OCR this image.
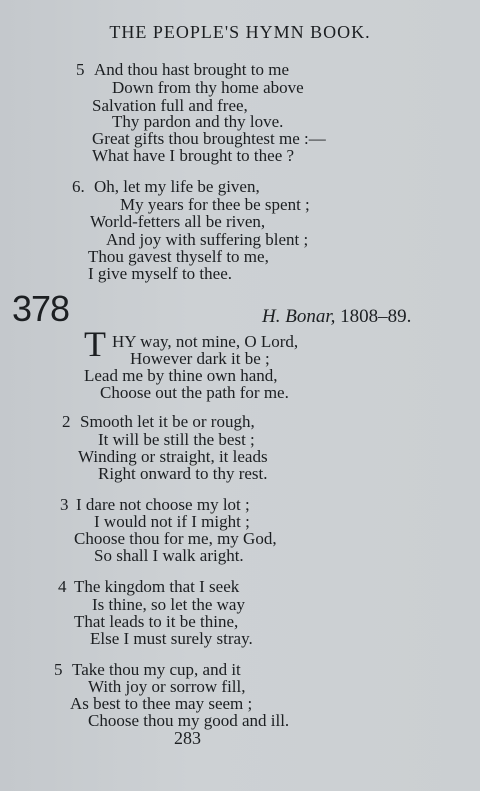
THE PEOPLE'S HYMN BOOK.
5 And thou hast brought to me
Down from thy home above
Salvation full and free,
Thy pardon and thy love.
Great gifts thou broughtest me :—
What have I brought to thee ?
6. Oh, let my life be given,
My years for thee be spent ;
World-fetters all be riven,
And joy with suffering blent ;
Thou gavest thyself to me,
I give myself to thee.
378	H. Bonar, 1808–89.
T HY way, not mine, O Lord,
However dark it be ;
Lead me by thine own hand,
Choose out the path for me.
2 Smooth let it be or rough,
It will be still the best ;
Winding or straight, it leads
Right onward to thy rest.
3 I dare not choose my lot ;
I would not if I might ;
Choose thou for me, my God,
So shall I walk aright.
4 The kingdom that I seek
Is thine, so let the way
That leads to it be thine,
Else I must surely stray.
5 Take thou my cup, and it
With joy or sorrow fill,
As best to thee may seem ;
Choose thou my good and ill.
283
